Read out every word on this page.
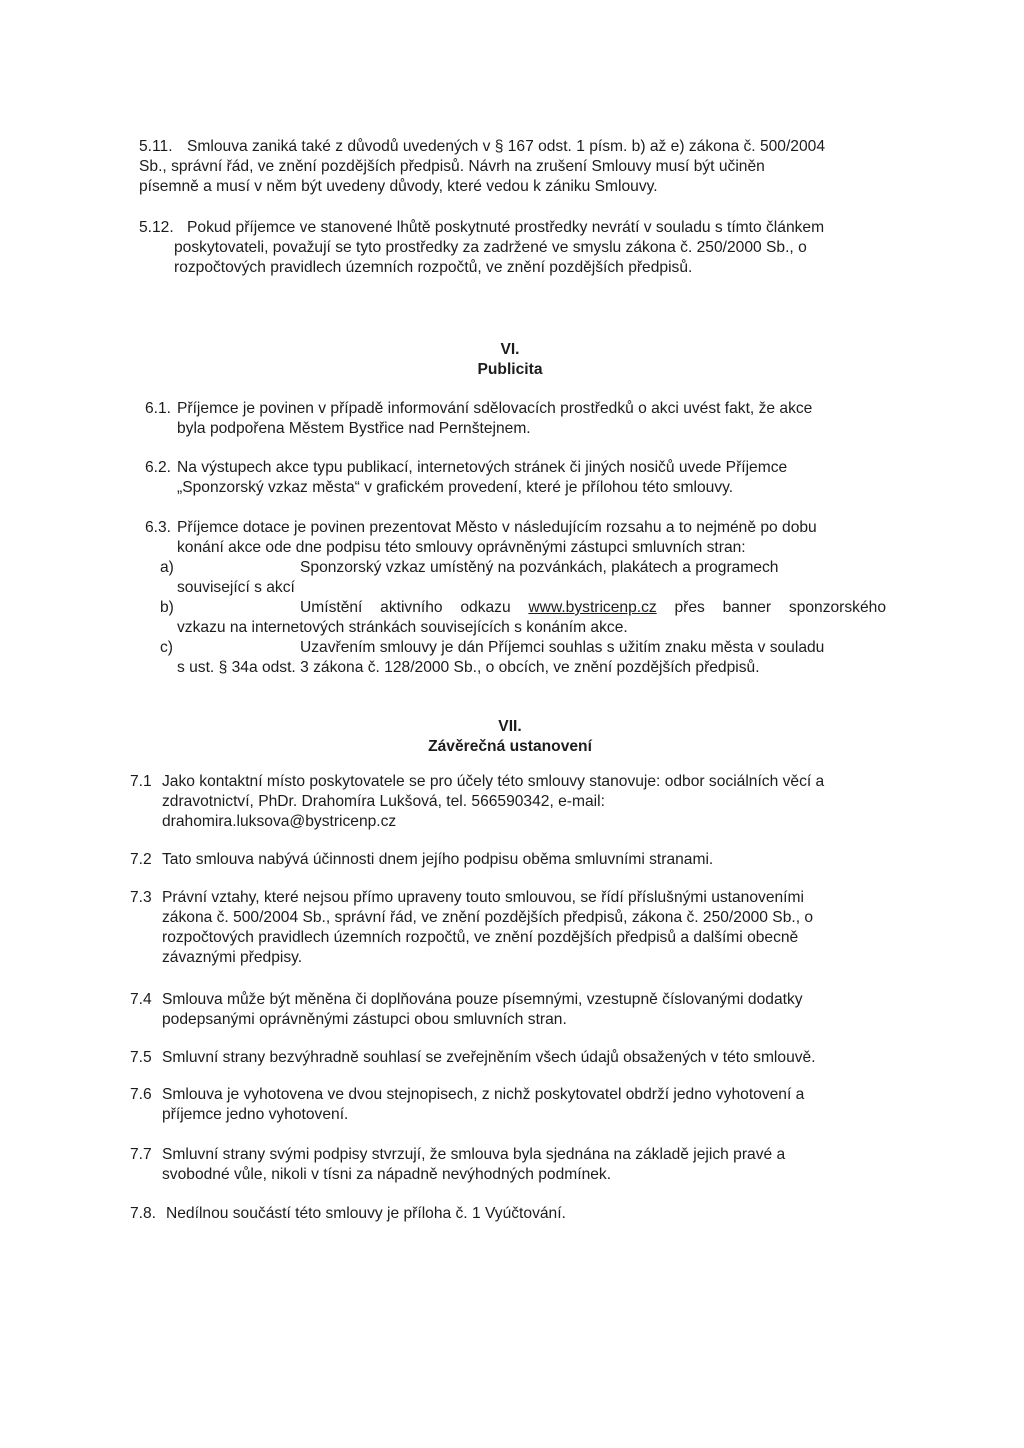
5.11. Smlouva zaniká také z důvodů uvedených v § 167 odst. 1 písm. b) až e) zákona č. 500/2004
Sb., správní řád, ve znění pozdějších předpisů. Návrh na zrušení Smlouvy musí být učiněn
písemně a musí v něm být uvedeny důvody, které vedou k zániku Smlouvy.
5.12. Pokud příjemce ve stanovené lhůtě poskytnuté prostředky nevrátí v souladu s tímto článkem
poskytovateli, považují se tyto prostředky za zadržené ve smyslu zákona č. 250/2000 Sb., o
rozpočtových pravidlech územních rozpočtů, ve znění pozdějších předpisů.
VI.
Publicita
6.1. Příjemce je povinen v případě informování sdělovacích prostředků o akci uvést fakt, že akce
byla podpořena Městem Bystřice nad Pernštejnem.
6.2. Na výstupech akce typu publikací, internetových stránek či jiných nosičů uvede Příjemce
„Sponzorský vzkaz města“ v grafickém provedení, které je přílohou této smlouvy.
6.3. Příjemce dotace je povinen prezentovat Město v následujícím rozsahu a to nejméně po dobu
konání akce ode dne podpisu této smlouvy oprávněnými zástupci smluvních stran:
a)	Sponzorský vzkaz umístěný na pozvánkách, plakátech a programech
související s akcí
b)	Umístění aktivního odkazu www.bystricenp.cz přes banner sponzorského
vzkazu na internetových stránkách souvisejících s konáním akce.
c)	Uzavřením smlouvy je dán Příjemci souhlas s užitím znaku města v souladu
s ust. § 34a odst. 3 zákona č. 128/2000 Sb., o obcích, ve znění pozdějších předpisů.
VII.
Závěrečná ustanovení
7.1 Jako kontaktní místo poskytovatele se pro účely této smlouvy stanovuje: odbor sociálních věcí a
zdravotnictví, PhDr. Drahomíra Lukšová, tel. 566590342, e-mail:
drahomira.luksova@bystricenp.cz
7.2 Tato smlouva nabývá účinnosti dnem jejího podpisu oběma smluvními stranami.
7.3 Právní vztahy, které nejsou přímo upraveny touto smlouvou, se řídí příslušnými ustanoveními
zákona č. 500/2004 Sb., správní řád, ve znění pozdějších předpisů, zákona č. 250/2000 Sb., o
rozpočtových pravidlech územních rozpočtů, ve znění pozdějších předpisů a dalšími obecně
závaznými předpisy.
7.4 Smlouva může být měněna či doplňována pouze písemnými, vzestupně číslovanými dodatky
podepsanými oprávněnými zástupci obou smluvních stran.
7.5 Smluvní strany bezvýhradně souhlasí se zveřejněním všech údajů obsažených v této smlouvě.
7.6 Smlouva je vyhotovena ve dvou stejnopisech, z nichž poskytovatel obdrží jedno vyhotovení a
příjemce jedno vyhotovení.
7.7 Smluvní strany svými podpisy stvrzují, že smlouva byla sjednána na základě jejich pravé a
svobodné vůle, nikoli v tísni za nápadně nevýhodných podmínek.
7.8. Nedílnou součástí této smlouvy je příloha č. 1 Vyúčtování.
